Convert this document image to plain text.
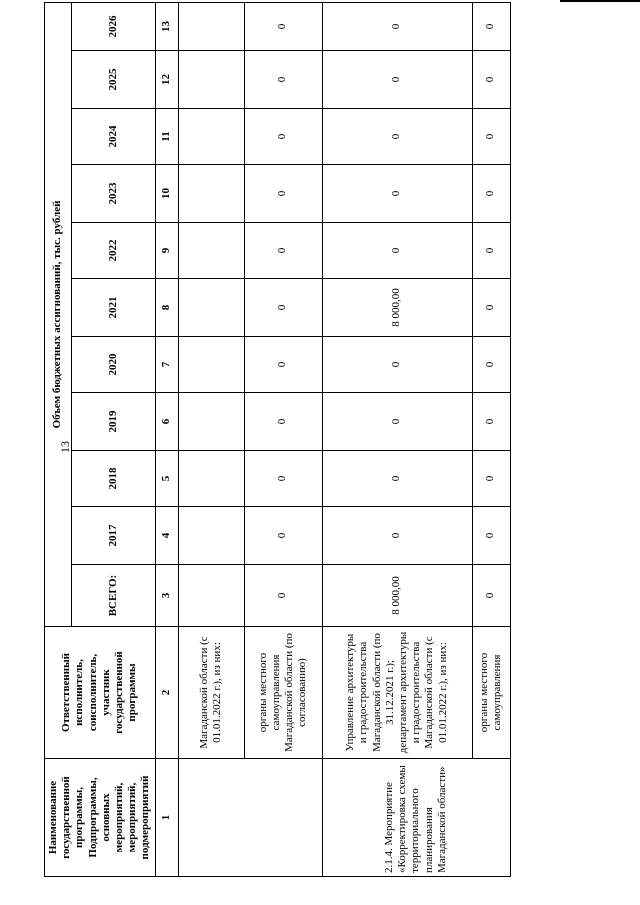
13
Наименование государственной программы, Подпрограммы, основных мероприятий, мероприятий, подмероприятий	Ответственный исполнитель, соисполнитель, участник государственной программы	Объем бюджетных ассигнований, тыс. рублей										
		ВСЕГО:	2017	2018	2019	2020	2021	2022	2023	2024	2025	2026
1	2	3	4	5	6	7	8	9	10	11	12	13
	Магаданской области (с 01.01.2022 г.), из них:											
	органы местного самоуправления Магаданской области (по согласованию)	0	0	0	0	0	0	0	0	0	0	0
2.1.4. Мероприятие «Корректировка схемы территориального планирования Магаданской области»	Управление архитектуры и градостроительства Магаданской области (по 31.12.2021 г.); департамент архитектуры и градостроительства Магаданской области (с 01.01.2022 г.), из них:	8 000,00	0	0	0	0	8 000,00	0	0	0	0	0
	органы местного самоуправления	0	0	0	0	0	0	0	0	0	0	0
